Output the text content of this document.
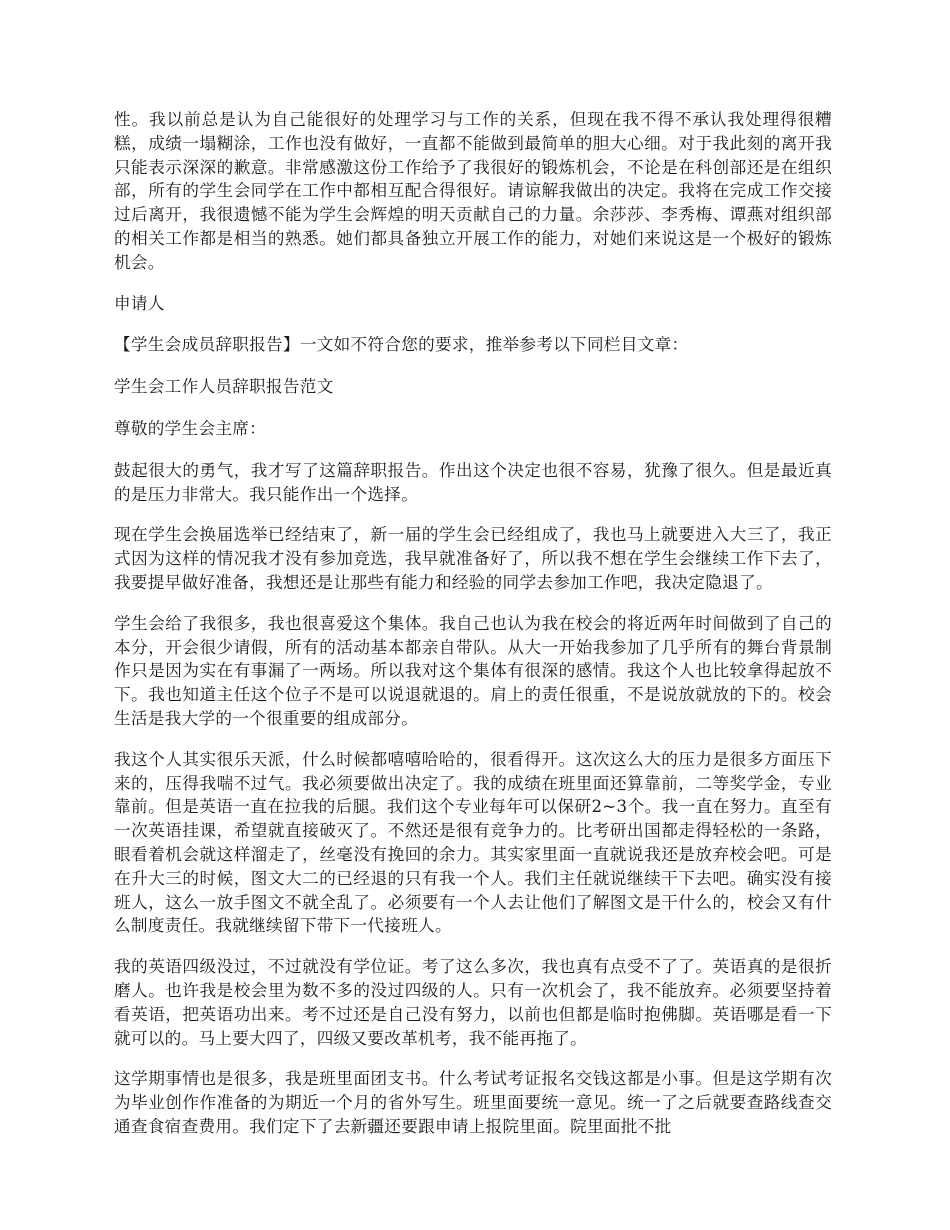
性。我以前总是认为自己能很好的处理学习与工作的关系，但现在我不得不承认我处理得很糟糕，成绩一塌糊涂，工作也没有做好，一直都不能做到最简单的胆大心细。对于我此刻的离开我只能表示深深的歉意。非常感激这份工作给予了我很好的锻炼机会，不论是在科创部还是在组织部，所有的学生会同学在工作中都相互配合得很好。请谅解我做出的决定。我将在完成工作交接过后离开，我很遗憾不能为学生会辉煌的明天贡献自己的力量。余莎莎、李秀梅、谭燕对组织部的相关工作都是相当的熟悉。她们都具备独立开展工作的能力，对她们来说这是一个极好的锻炼机会。

申请人

【学生会成员辞职报告】一文如不符合您的要求，推举参考以下同栏目文章：

学生会工作人员辞职报告范文

尊敬的学生会主席：

鼓起很大的勇气，我才写了这篇辞职报告。作出这个决定也很不容易，犹豫了很久。但是最近真的是压力非常大。我只能作出一个选择。

现在学生会换届选举已经结束了，新一届的学生会已经组成了，我也马上就要进入大三了，我正式因为这样的情况我才没有参加竞选，我早就准备好了，所以我不想在学生会继续工作下去了，我要提早做好准备，我想还是让那些有能力和经验的同学去参加工作吧，我决定隐退了。

学生会给了我很多，我也很喜爱这个集体。我自己也认为我在校会的将近两年时间做到了自己的本分，开会很少请假，所有的活动基本都亲自带队。从大一开始我参加了几乎所有的舞台背景制作只是因为实在有事漏了一两场。所以我对这个集体有很深的感情。我这个人也比较拿得起放不下。我也知道主任这个位子不是可以说退就退的。肩上的责任很重，不是说放就放的下的。校会生活是我大学的一个很重要的组成部分。

我这个人其实很乐天派，什么时候都嘻嘻哈哈的，很看得开。这次这么大的压力是很多方面压下来的，压得我喘不过气。我必须要做出决定了。我的成绩在班里面还算靠前，二等奖学金，专业靠前。但是英语一直在拉我的后腿。我们这个专业每年可以保研2~3个。我一直在努力。直至有一次英语挂课，希望就直接破灭了。不然还是很有竞争力的。比考研出国都走得轻松的一条路，眼看着机会就这样溜走了，丝毫没有挽回的余力。其实家里面一直就说我还是放弃校会吧。可是在升大三的时候，图文大二的已经退的只有我一个人。我们主任就说继续干下去吧。确实没有接班人，这么一放手图文不就全乱了。必须要有一个人去让他们了解图文是干什么的，校会又有什么制度责任。我就继续留下带下一代接班人。

我的英语四级没过，不过就没有学位证。考了这么多次，我也真有点受不了了。英语真的是很折磨人。也许我是校会里为数不多的没过四级的人。只有一次机会了，我不能放弃。必须要坚持着看英语，把英语功出来。考不过还是自己没有努力，以前也但都是临时抱佛脚。英语哪是看一下就可以的。马上要大四了，四级又要改革机考，我不能再拖了。

这学期事情也是很多，我是班里面团支书。什么考试考证报名交钱这都是小事。但是这学期有次为毕业创作作准备的为期近一个月的省外写生。班里面要统一意见。统一了之后就要查路线查交通查食宿查费用。我们定下了去新疆还要跟申请上报院里面。院里面批不批
